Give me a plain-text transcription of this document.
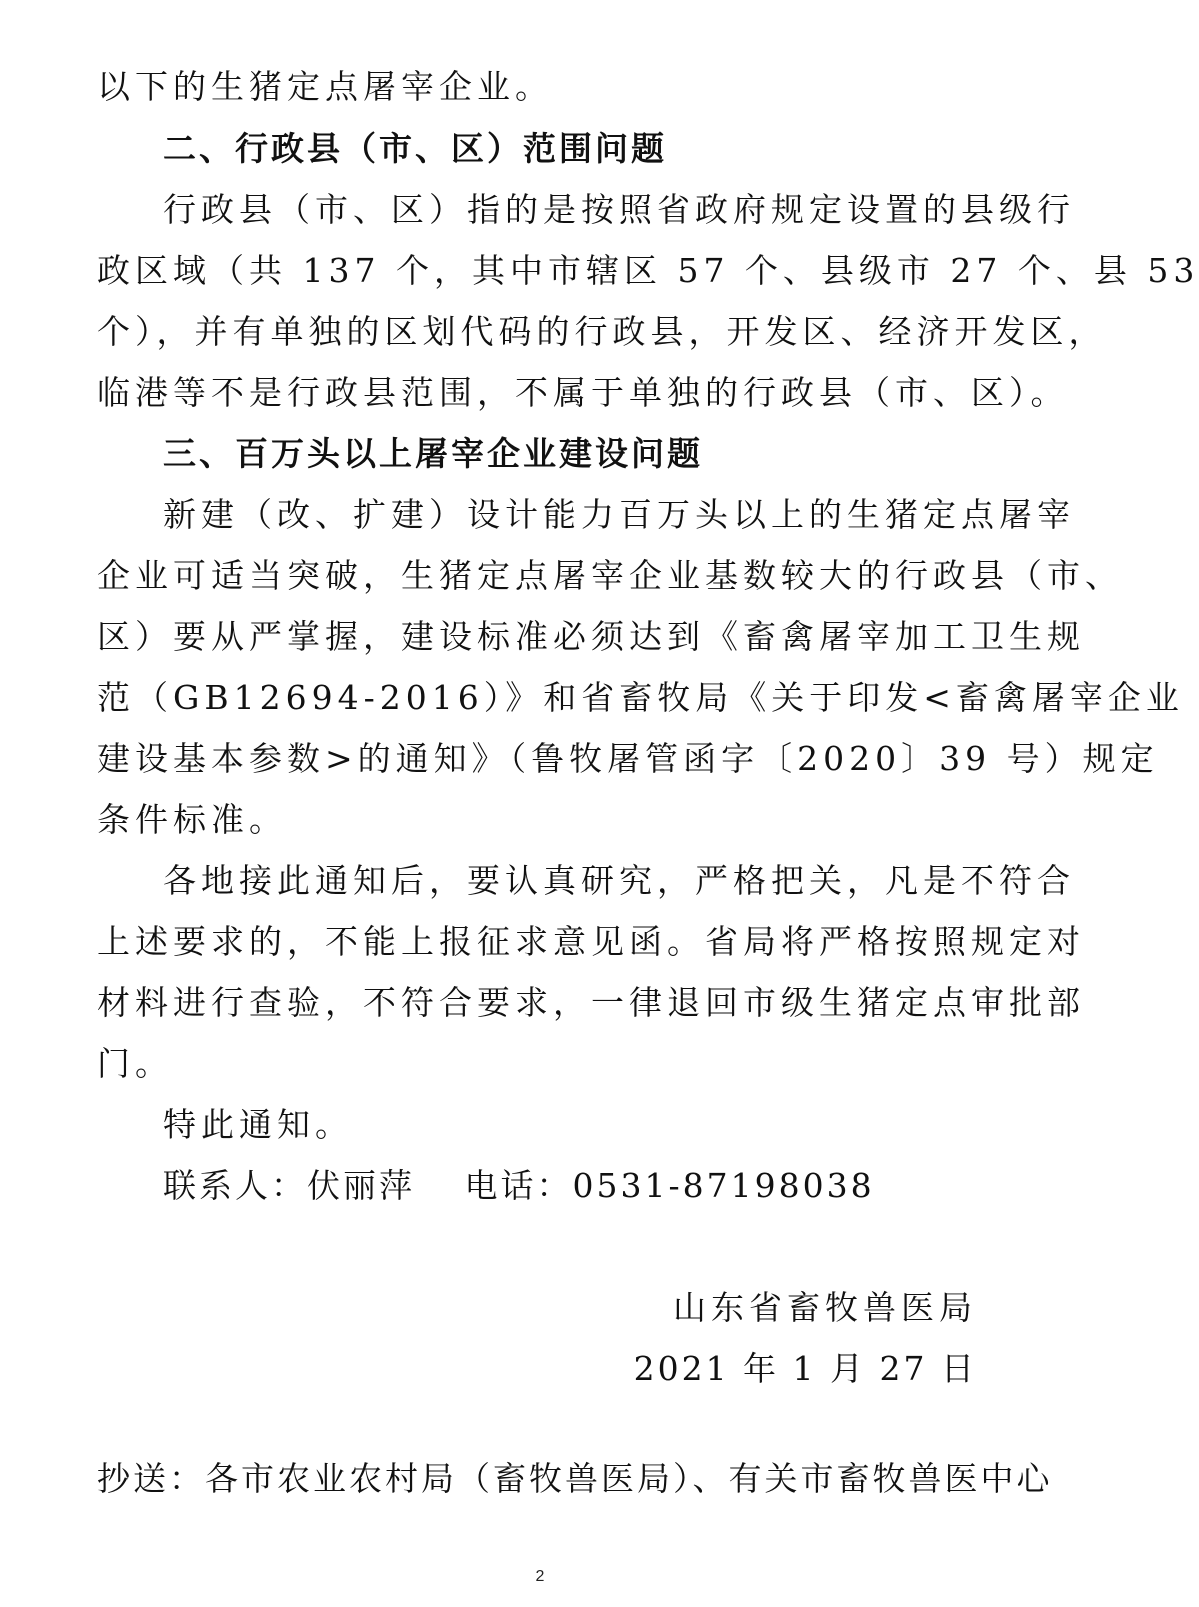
以下的生猪定点屠宰企业。
二、行政县（市、区）范围问题
行政县（市、区）指的是按照省政府规定设置的县级行
政区域（共 137 个，其中市辖区 57 个、县级市 27 个、县 53
个），并有单独的区划代码的行政县，开发区、经济开发区，
临港等不是行政县范围，不属于单独的行政县（市、区）。
三、百万头以上屠宰企业建设问题
新建（改、扩建）设计能力百万头以上的生猪定点屠宰
企业可适当突破，生猪定点屠宰企业基数较大的行政县（市、
区）要从严掌握，建设标准必须达到《畜禽屠宰加工卫生规
范（GB12694-2016）》和省畜牧局《关于印发<畜禽屠宰企业
建设基本参数>的通知》（鲁牧屠管函字〔2020〕39 号）规定
条件标准。
各地接此通知后，要认真研究，严格把关，凡是不符合
上述要求的，不能上报征求意见函。省局将严格按照规定对
材料进行查验，不符合要求，一律退回市级生猪定点审批部
门。
特此通知。
联系人：伏丽萍　 电话：0531-87198038
山东省畜牧兽医局
2021 年 1 月 27 日
抄送：各市农业农村局（畜牧兽医局）、有关市畜牧兽医中心
2
